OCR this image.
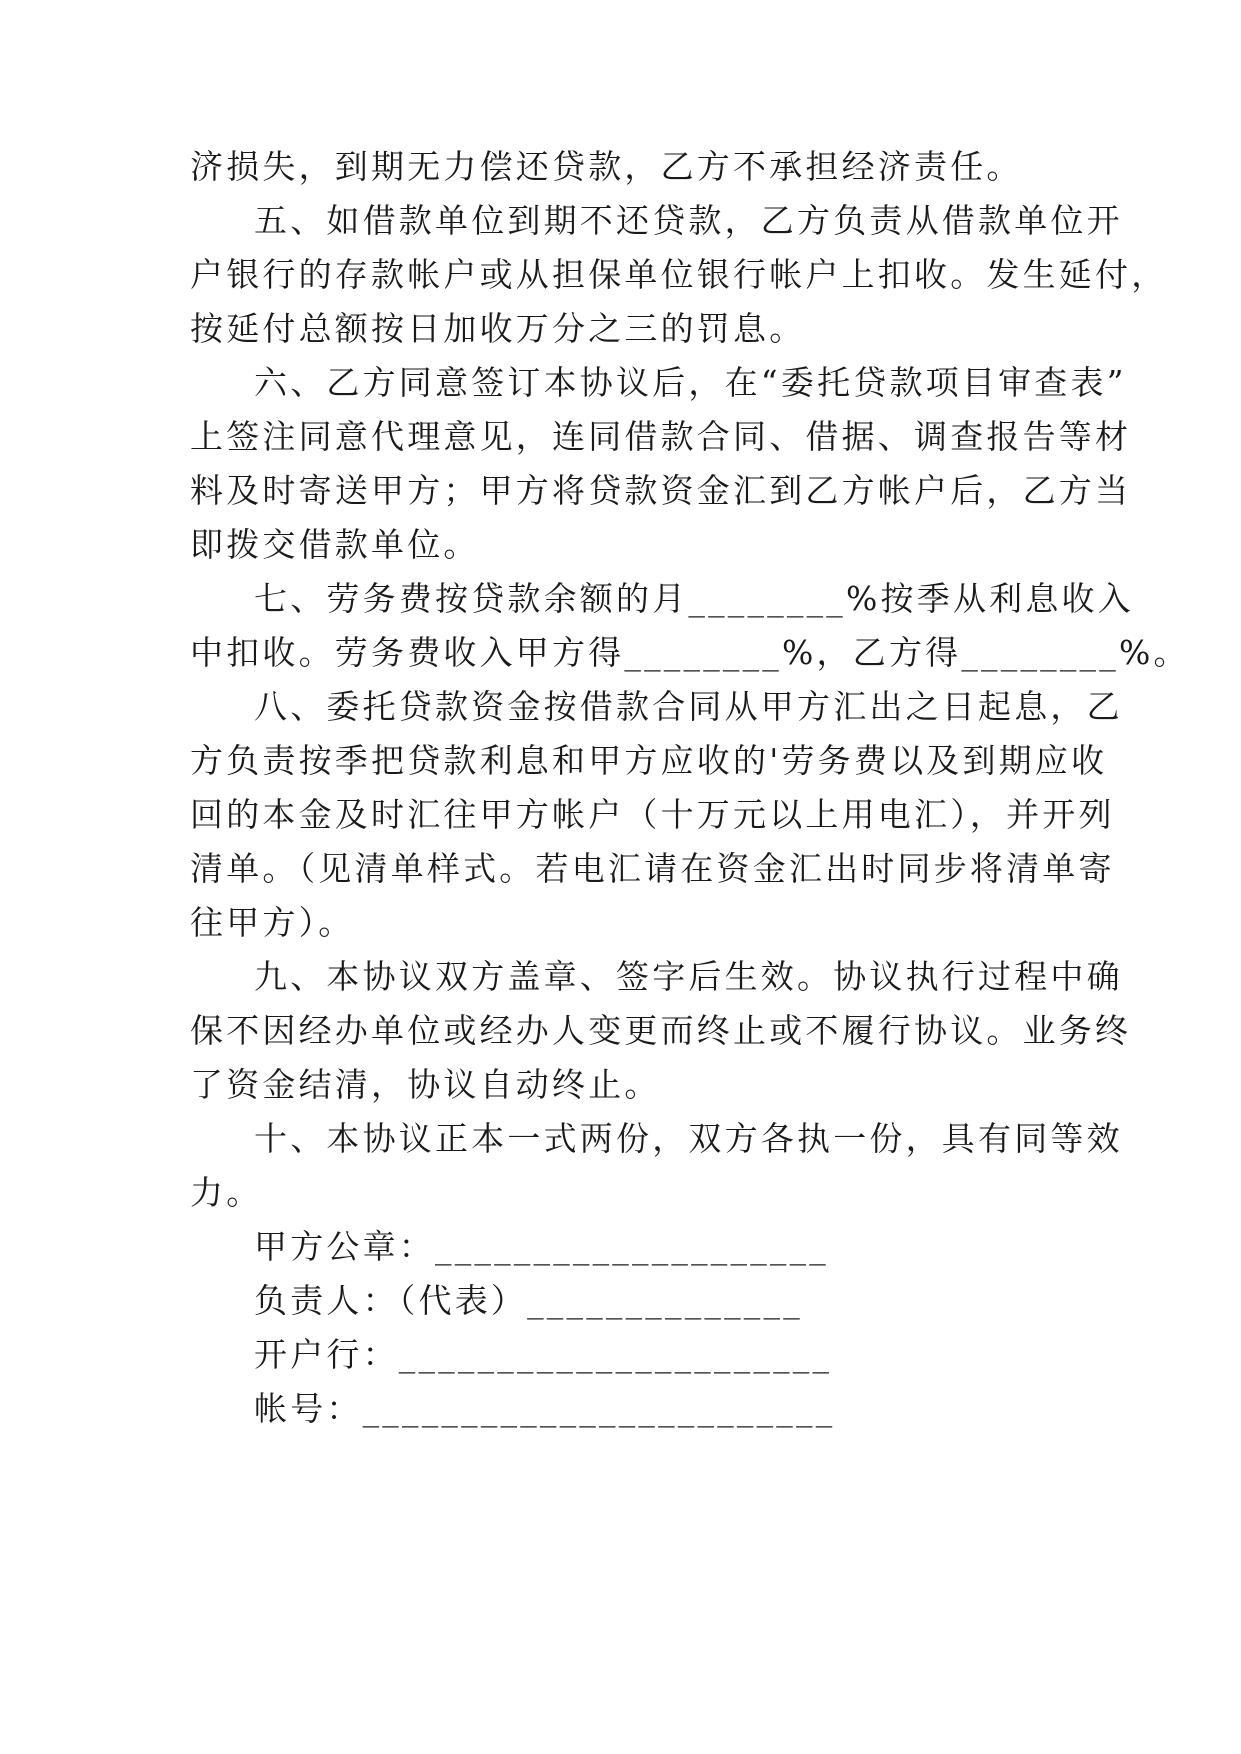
济损失，到期无力偿还贷款，乙方不承担经济责任。
五、如借款单位到期不还贷款，乙方负责从借款单位开
户银行的存款帐户或从担保单位银行帐户上扣收。发生延付，
按延付总额按日加收万分之三的罚息。
六、乙方同意签订本协议后，在“委托贷款项目审查表”
上签注同意代理意见，连同借款合同、借据、调查报告等材
料及时寄送甲方；甲方将贷款资金汇到乙方帐户后，乙方当
即拨交借款单位。
七、劳务费按贷款余额的月________%按季从利息收入
中扣收。劳务费收入甲方得________%，乙方得________%。
八、委托贷款资金按借款合同从甲方汇出之日起息，乙
方负责按季把贷款利息和甲方应收的'劳务费以及到期应收
回的本金及时汇往甲方帐户（十万元以上用电汇），并开列
清单。（见清单样式。若电汇请在资金汇出时同步将清单寄
往甲方）。
九、本协议双方盖章、签字后生效。协议执行过程中确
保不因经办单位或经办人变更而终止或不履行协议。业务终
了资金结清，协议自动终止。
十、本协议正本一式两份，双方各执一份，具有同等效
力。
甲方公章：____________________
负责人：（代表）______________
开户行：______________________
帐号：________________________
